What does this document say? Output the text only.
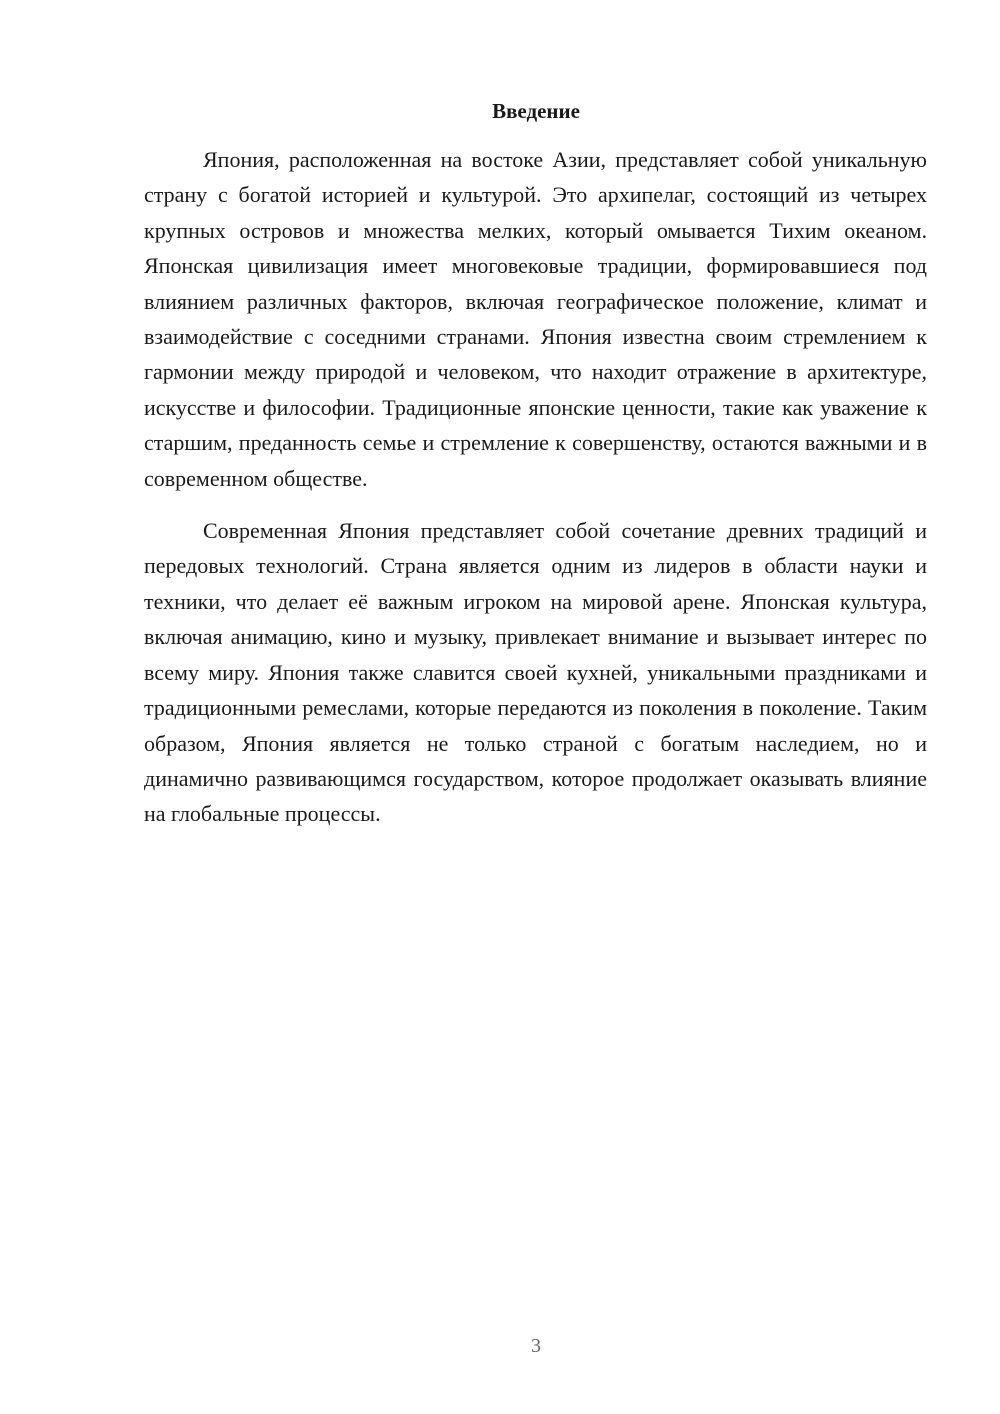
Введение

Япония, расположенная на востоке Азии, представляет собой уникальную страну с богатой историей и культурой. Это архипелаг, состоящий из четырех крупных островов и множества мелких, который омывается Тихим океаном. Японская цивилизация имеет многовековые традиции, формировавшиеся под влиянием различных факторов, включая географическое положение, климат и взаимодействие с соседними странами. Япония известна своим стремлением к гармонии между природой и человеком, что находит отражение в архитектуре, искусстве и философии. Традиционные японские ценности, такие как уважение к старшим, преданность семье и стремление к совершенству, остаются важными и в современном обществе.

Современная Япония представляет собой сочетание древних традиций и передовых технологий. Страна является одним из лидеров в области науки и техники, что делает её важным игроком на мировой арене. Японская культура, включая анимацию, кино и музыку, привлекает внимание и вызывает интерес по всему миру. Япония также славится своей кухней, уникальными праздниками и традиционными ремеслами, которые передаются из поколения в поколение. Таким образом, Япония является не только страной с богатым наследием, но и динамично развивающимся государством, которое продолжает оказывать влияние на глобальные процессы.

3
